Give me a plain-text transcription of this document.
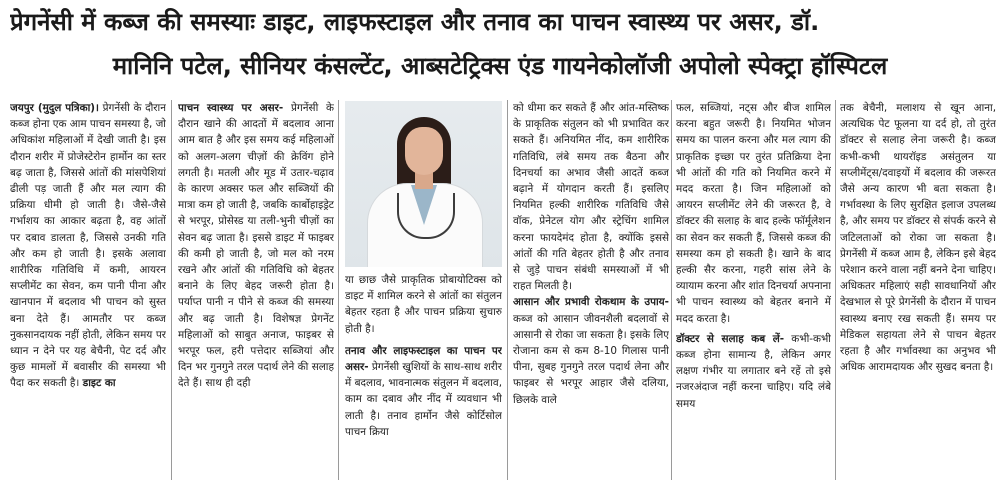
प्रेगनेंसी में कब्ज की समस्याः डाइट, लाइफस्टाइल और तनाव का पाचन स्वास्थ्य पर असर, डॉ.
मानिनि पटेल, सीनियर कंसल्टेंट, आब्सटेट्रिक्स एंड गायनेकोलॉजी अपोलो स्पेक्ट्रा हॉस्पिटल

जयपुर (मुदुल पत्रिका)। प्रेगनेंसी के दौरान कब्ज होना एक आम पाचन समस्या है, जो अधिकांश महिलाओं में देखी जाती है। इस दौरान शरीर में प्रोजेस्टेरोन हार्मोन का स्तर बढ़ जाता है, जिससे आंतों की मांसपेशियां ढीली पड़ जाती हैं और मल त्याग की प्रक्रिया धीमी हो जाती है। जैसे-जैसे गर्भाशय का आकार बढ़ता है, वह आंतों पर दबाव डालता है, जिससे उनकी गति और कम हो जाती है। इसके अलावा शारीरिक गतिविधि में कमी, आयरन सप्लीमेंट का सेवन, कम पानी पीना और खानपान में बदलाव भी पाचन को सुस्त बना देते हैं। आमतौर पर कब्ज नुकसानदायक नहीं होती, लेकिन समय पर ध्यान न देने पर यह बेचैनी, पेट दर्द और कुछ मामलों में बवासीर की समस्या भी पैदा कर सकती है। डाइट का

पाचन स्वास्थ्य पर असर- प्रेगनेंसी के दौरान खाने की आदतों में बदलाव आना आम बात है और इस समय कई महिलाओं को अलग-अलग चीज़ों की क्रेविंग होने लगती है। मतली और मूड में उतार-चढ़ाव के कारण अक्सर फल और सब्जियों की मात्रा कम हो जाती है, जबकि कार्बोहाइड्रेट से भरपूर, प्रोसेस्ड या तली-भुनी चीज़ों का सेवन बढ़ जाता है। इससे डाइट में फाइबर की कमी हो जाती है, जो मल को नरम रखने और आंतों की गतिविधि को बेहतर बनाने के लिए बेहद जरूरी होता है। पर्याप्त पानी न पीने से कब्ज की समस्या और बढ़ जाती है। विशेषज्ञ प्रेगनेंट महिलाओं को साबुत अनाज, फाइबर से भरपूर फल, हरी पत्तेदार सब्जियां और दिन भर गुनगुने तरल पदार्थ लेने की सलाह देते हैं। साथ ही दही

या छाछ जैसे प्राकृतिक प्रोबायोटिक्स को डाइट में शामिल करने से आंतों का संतुलन बेहतर रहता है और पाचन प्रक्रिया सुचारु होती है।

तनाव और लाइफस्टाइल का पाचन पर असर- प्रेगनेंसी खुशियों के साथ-साथ शरीर में बदलाव, भावनात्मक संतुलन में बदलाव, काम का दबाव और नींद में व्यवधान भी लाती है। तनाव हार्मोन जैसे कोर्टिसोल पाचन क्रिया

को धीमा कर सकते हैं और आंत-मस्तिष्क के प्राकृतिक संतुलन को भी प्रभावित कर सकते हैं। अनियमित नींद, कम शारीरिक गतिविधि, लंबे समय तक बैठना और दिनचर्या का अभाव जैसी आदतें कब्ज बढ़ाने में योगदान करती हैं। इसलिए नियमित हल्की शारीरिक गतिविधि जैसे वॉक, प्रेनेटल योग और स्ट्रेचिंग शामिल करना फायदेमंद होता है, क्योंकि इससे आंतों की गति बेहतर होती है और तनाव से जुड़े पाचन संबंधी समस्याओं में भी राहत मिलती है।

आसान और प्रभावी रोकथाम के उपाय- कब्ज को आसान जीवनशैली बदलावों से आसानी से रोका जा सकता है। इसके लिए रोजाना कम से कम 8-10 गिलास पानी पीना, सुबह गुनगुने तरल पदार्थ लेना और फाइबर से भरपूर आहार जैसे दलिया, छिलके वाले

फल, सब्जियां, नट्स और बीज शामिल करना बहुत जरूरी है। नियमित भोजन समय का पालन करना और मल त्याग की प्राकृतिक इच्छा पर तुरंत प्रतिक्रिया देना भी आंतों की गति को नियमित करने में मदद करता है। जिन महिलाओं को आयरन सप्लीमेंट लेने की जरूरत है, वे डॉक्टर की सलाह के बाद हल्के फॉर्मूलेशन का सेवन कर सकती हैं, जिससे कब्ज की समस्या कम हो सकती है। खाने के बाद हल्की सैर करना, गहरी सांस लेने के व्यायाम करना और शांत दिनचर्या अपनाना भी पाचन स्वास्थ्य को बेहतर बनाने में मदद करता है।

डॉक्टर से सलाह कब लें- कभी-कभी कब्ज होना सामान्य है, लेकिन अगर लक्षण गंभीर या लगातार बने रहें तो इसे नजरअंदाज नहीं करना चाहिए। यदि लंबे समय

तक बेचैनी, मलाशय से खून आना, अत्यधिक पेट फूलना या दर्द हो, तो तुरंत डॉक्टर से सलाह लेना जरूरी है। कब्ज कभी-कभी थायरॉइड असंतुलन या सप्लीमेंट्स/दवाइयों में बदलाव की जरूरत जैसे अन्य कारण भी बता सकता है। गर्भावस्था के लिए सुरक्षित इलाज उपलब्ध है, और समय पर डॉक्टर से संपर्क करने से जटिलताओं को रोका जा सकता है। प्रेगनेंसी में कब्ज आम है, लेकिन इसे बेहद परेशान करने वाला नहीं बनने देना चाहिए। अधिकतर महिलाएं सही सावधानियों और देखभाल से पूरे प्रेगनेंसी के दौरान में पाचन स्वास्थ्य बनाए रख सकती हैं। समय पर मेडिकल सहायता लेने से पाचन बेहतर रहता है और गर्भावस्था का अनुभव भी अधिक आरामदायक और सुखद बनता है।
